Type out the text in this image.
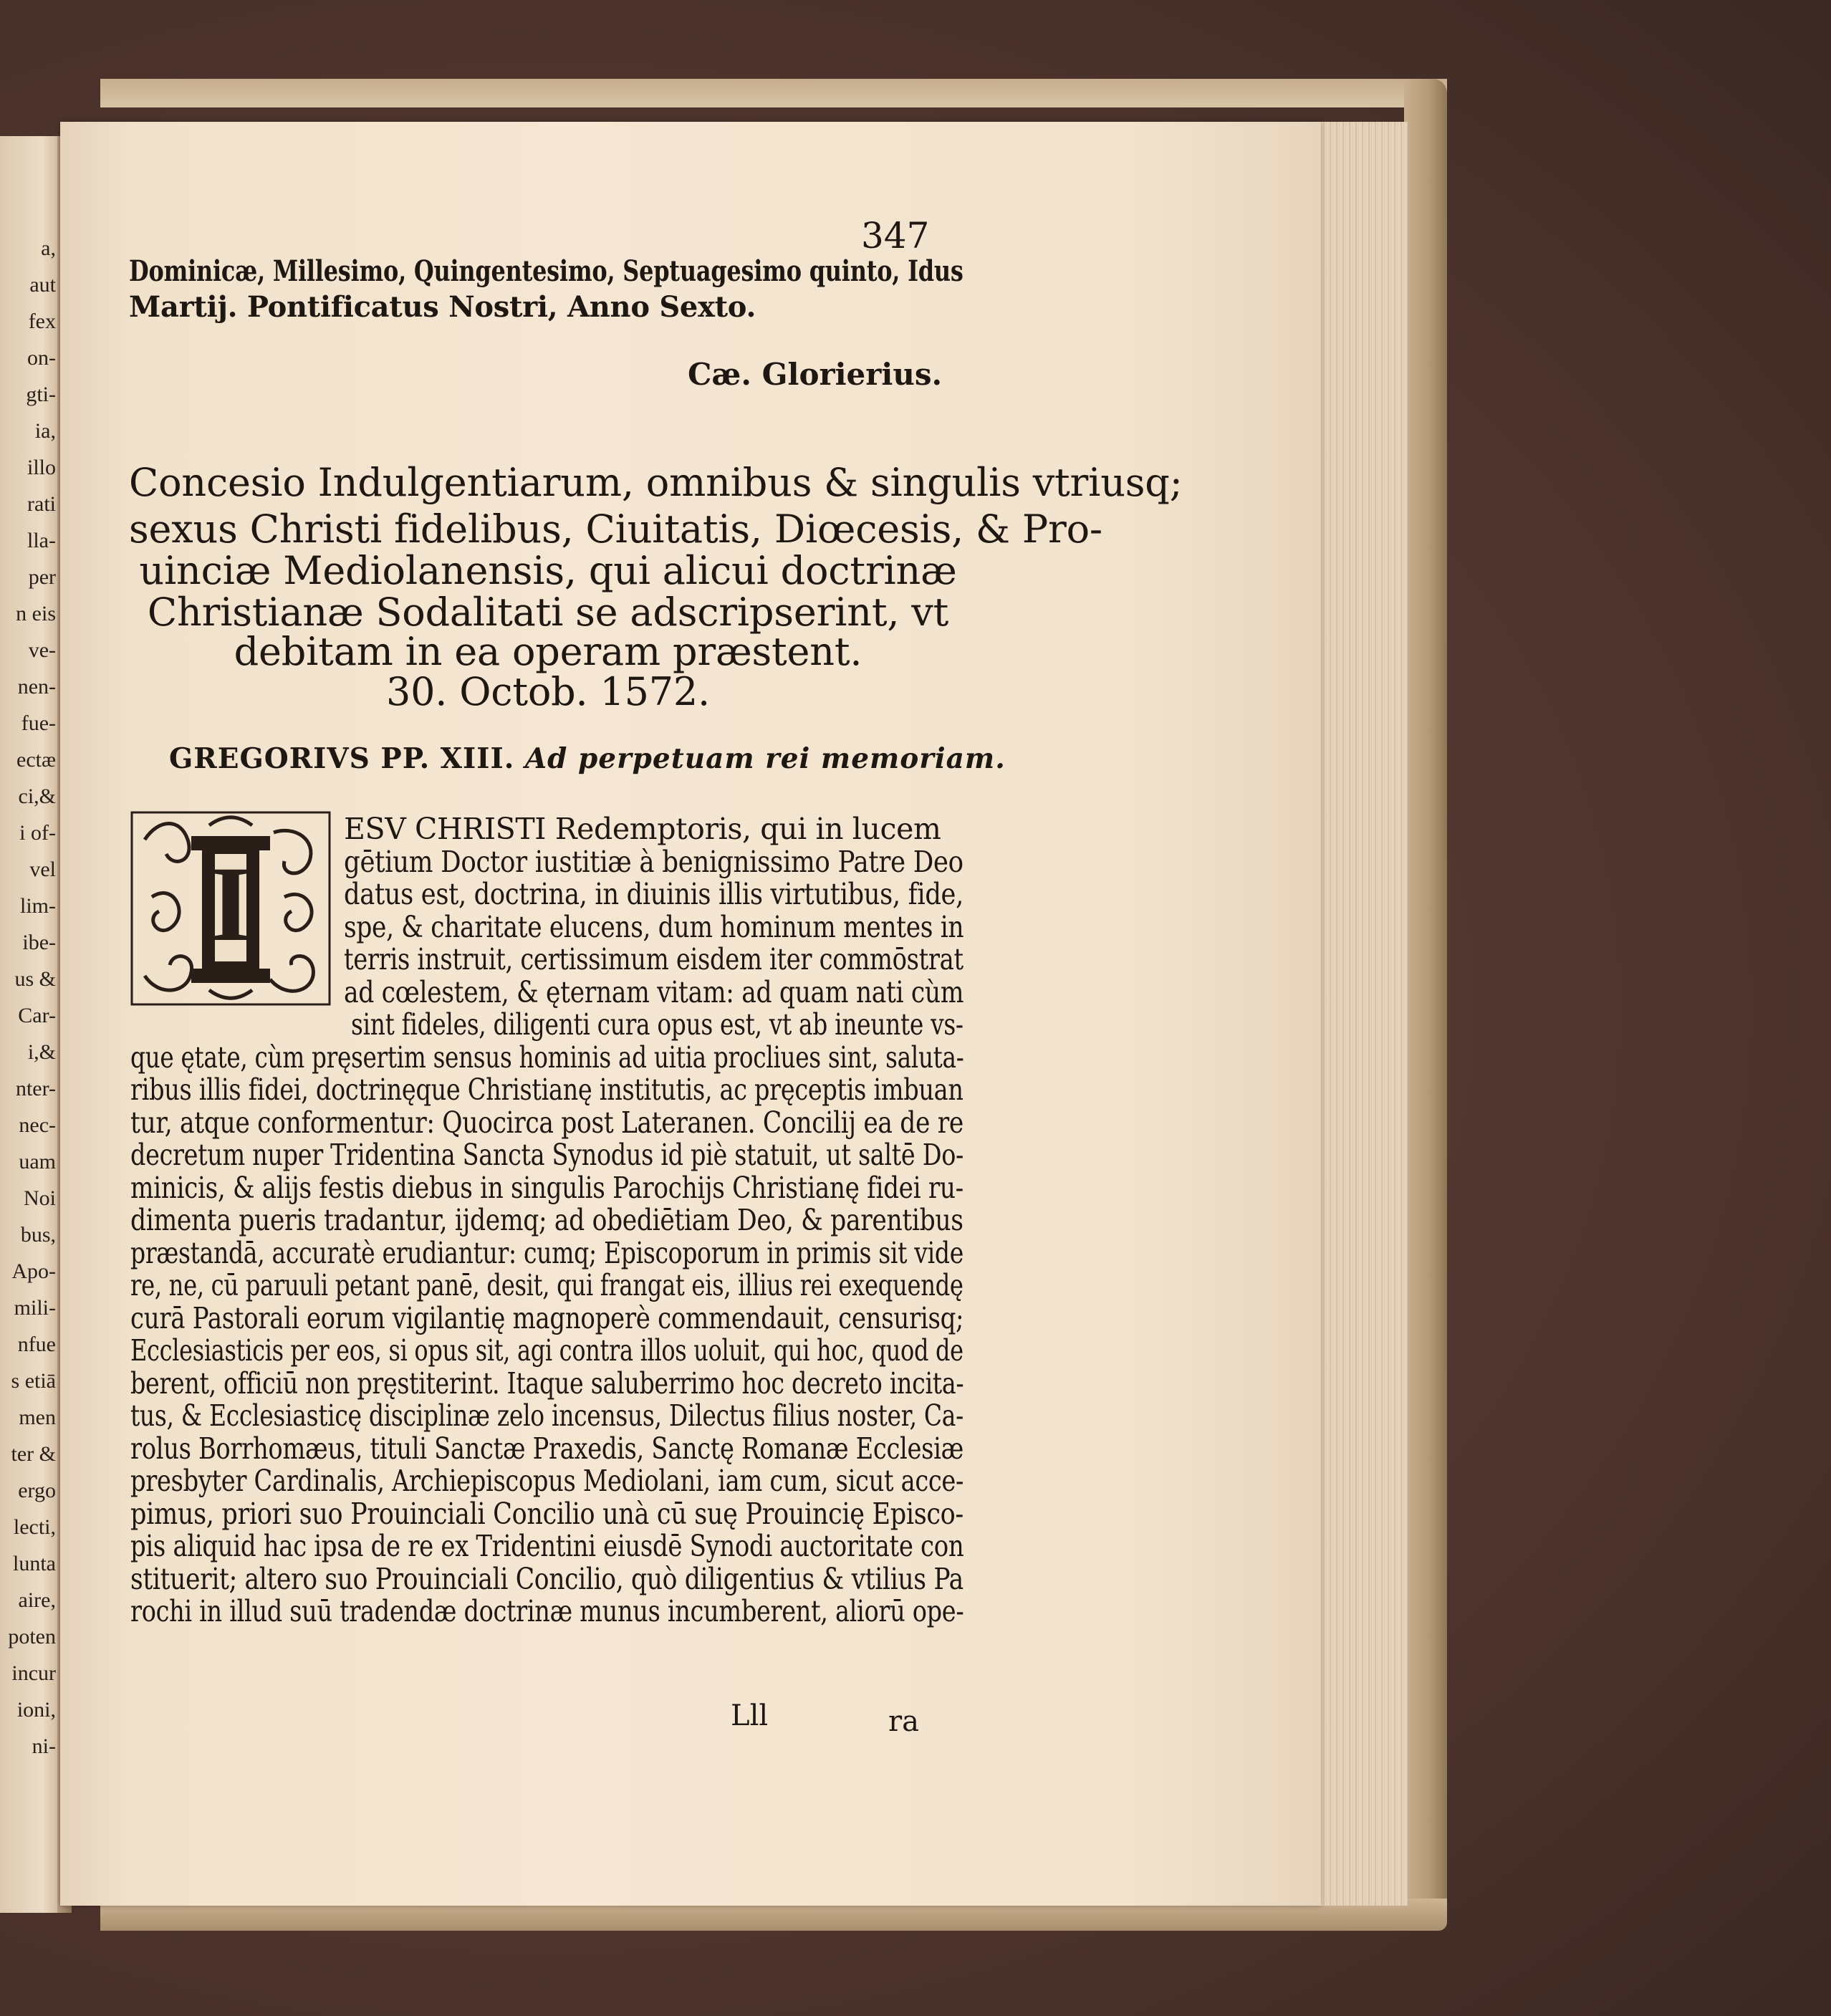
a,
aut
fex
on-
gti-
ia,
illo
rati
lla-
per
n eis
ve-
nen-
fue-
ectæ
ci,&
i of-
vel
lim-
ibe-
us &
Car-
i,&
nter-
nec-
uam
Noi
bus,
Apo-
mili-
nfue
s etiā
men
ter &
ergo
lecti,
lunta
aire,
poten
incur
ioni,
ni-
347
Dominicæ, Millesimo, Quingentesimo, Septuagesimo quinto, Idus
Martij. Pontificatus Nostri, Anno Sexto.
Cæ. Glorierius.
Concesio Indulgentiarum, omnibus & singulis vtriusq;
sexus Christi fidelibus, Ciuitatis, Diœcesis, & Pro-
uinciæ Mediolanensis, qui alicui doctrinæ
Christianæ Sodalitati se adscripserint, vt
debitam in ea operam præstent.
30. Octob. 1572.
GREGORIVS PP. XIII. Ad perpetuam rei memoriam.
I
ESV CHRISTI Redemptoris, qui in lucem
gētium Doctor iustitiæ à benignissimo Patre Deo
datus est, doctrina, in diuinis illis virtutibus, fide,
spe, & charitate elucens, dum hominum mentes in
terris instruit, certissimum eisdem iter commōstrat
ad cœlestem, & ęternam vitam: ad quam nati cùm
sint fideles, diligenti cura opus est, vt ab ineunte vs-
que ętate, cùm pręsertim sensus hominis ad uitia procliues sint, saluta-
ribus illis fidei, doctrinęque Christianę institutis, ac pręceptis imbuan
tur, atque conformentur: Quocirca post Lateranen. Concilij ea de re
decretum nuper Tridentina Sancta Synodus id piè statuit, ut saltē Do-
minicis, & alijs festis diebus in singulis Parochijs Christianę fidei ru-
dimenta pueris tradantur, ijdemq; ad obediētiam Deo, & parentibus
præstandā, accuratè erudiantur: cumq; Episcoporum in primis sit vide
re, ne, cū paruuli petant panē, desit, qui frangat eis, illius rei exequendę
curā Pastorali eorum vigilantię magnoperè commendauit, censurisq;
Ecclesiasticis per eos, si opus sit, agi contra illos uoluit, qui hoc, quod de
berent, officiū non pręstiterint. Itaque saluberrimo hoc decreto incita-
tus, & Ecclesiasticę disciplinæ zelo incensus, Dilectus filius noster, Ca-
rolus Borrhomæus, tituli Sanctæ Praxedis, Sanctę Romanæ Ecclesiæ
presbyter Cardinalis, Archiepiscopus Mediolani, iam cum, sicut acce-
pimus, priori suo Prouinciali Concilio unà cū suę Prouincię Episco-
pis aliquid hac ipsa de re ex Tridentini eiusdē Synodi auctoritate con
stituerit; altero suo Prouinciali Concilio, quò diligentius & vtilius Pa
rochi in illud suū tradendæ doctrinæ munus incumberent, aliorū ope-
Lll	ra
